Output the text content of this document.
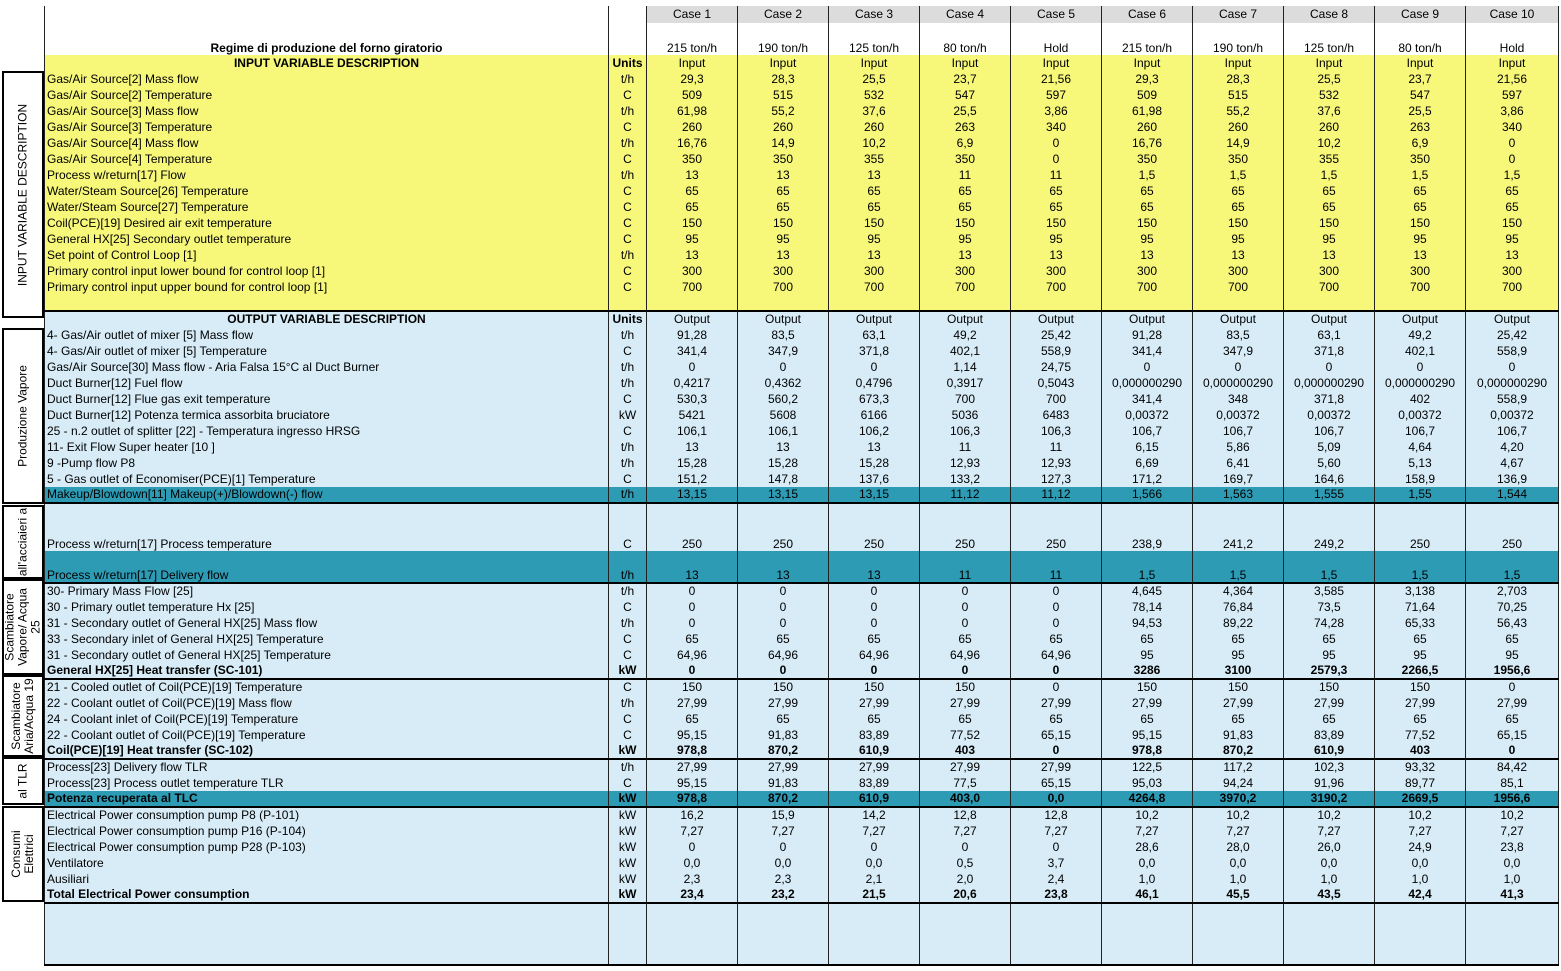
INPUT VARIABLE DESCRIPTION
Produzione Vapore
all'acciaieri a
Scambiatore Vapore/ Acqua 25
Scambiatore Aria/Acqua 19
al TLR
Consumi Elettrici
		Case 1	Case 2	Case 3	Case 4	Case 5	Case 6	Case 7	Case 8	Case 9	Case 10
Regime di produzione del forno giratorio		215 ton/h	190 ton/h	125 ton/h	80 ton/h	Hold	215 ton/h	190 ton/h	125 ton/h	80 ton/h	Hold
INPUT VARIABLE DESCRIPTION	Units	Input	Input	Input	Input	Input	Input	Input	Input	Input	Input
Gas/Air Source[2] Mass flow	t/h	29,3	28,3	25,5	23,7	21,56	29,3	28,3	25,5	23,7	21,56
Gas/Air Source[2] Temperature	C	509	515	532	547	597	509	515	532	547	597
Gas/Air Source[3] Mass flow	t/h	61,98	55,2	37,6	25,5	3,86	61,98	55,2	37,6	25,5	3,86
Gas/Air Source[3] Temperature	C	260	260	260	263	340	260	260	260	263	340
Gas/Air Source[4] Mass flow	t/h	16,76	14,9	10,2	6,9	0	16,76	14,9	10,2	6,9	0
Gas/Air Source[4] Temperature	C	350	350	355	350	0	350	350	355	350	0
Process w/return[17] Flow	t/h	13	13	13	11	11	1,5	1,5	1,5	1,5	1,5
Water/Steam Source[26] Temperature	C	65	65	65	65	65	65	65	65	65	65
Water/Steam Source[27] Temperature	C	65	65	65	65	65	65	65	65	65	65
Coil(PCE)[19] Desired air exit temperature	C	150	150	150	150	150	150	150	150	150	150
General HX[25] Secondary outlet temperature	C	95	95	95	95	95	95	95	95	95	95
Set point of Control Loop [1]	t/h	13	13	13	13	13	13	13	13	13	13
Primary control input lower bound for control loop [1]	C	300	300	300	300	300	300	300	300	300	300
Primary control input upper bound for control loop [1]	C	700	700	700	700	700	700	700	700	700	700

OUTPUT VARIABLE DESCRIPTION	Units	Output	Output	Output	Output	Output	Output	Output	Output	Output	Output
4- Gas/Air outlet of mixer [5] Mass flow	t/h	91,28	83,5	63,1	49,2	25,42	91,28	83,5	63,1	49,2	25,42
4- Gas/Air outlet of mixer [5] Temperature	C	341,4	347,9	371,8	402,1	558,9	341,4	347,9	371,8	402,1	558,9
Gas/Air Source[30] Mass flow - Aria Falsa 15°C al Duct Burner	t/h	0	0	0	1,14	24,75	0	0	0	0	0
Duct Burner[12] Fuel flow	t/h	0,4217	0,4362	0,4796	0,3917	0,5043	0,000000290	0,000000290	0,000000290	0,000000290	0,000000290
Duct Burner[12] Flue gas exit temperature	C	530,3	560,2	673,3	700	700	341,4	348	371,8	402	558,9
Duct Burner[12] Potenza termica assorbita bruciatore	kW	5421	5608	6166	5036	6483	0,00372	0,00372	0,00372	0,00372	0,00372
25 - n.2 outlet of splitter [22] - Temperatura ingresso HRSG	C	106,1	106,1	106,2	106,3	106,3	106,7	106,7	106,7	106,7	106,7
11- Exit Flow Super heater [10 ]	t/h	13	13	13	11	11	6,15	5,86	5,09	4,64	4,20
9 -Pump flow P8	t/h	15,28	15,28	15,28	12,93	12,93	6,69	6,41	5,60	5,13	4,67
5 - Gas outlet of Economiser(PCE)[1] Temperature	C	151,2	147,8	137,6	133,2	127,3	171,2	169,7	164,6	158,9	136,9
Makeup/Blowdown[11] Makeup(+)/Blowdown(-) flow	t/h	13,15	13,15	13,15	11,12	11,12	1,566	1,563	1,555	1,55	1,544

Process w/return[17] Process temperature	C	250	250	250	250	250	238,9	241,2	249,2	250	250
Process w/return[17] Delivery flow	t/h	13	13	13	11	11	1,5	1,5	1,5	1,5	1,5
30- Primary Mass Flow [25]	t/h	0	0	0	0	0	4,645	4,364	3,585	3,138	2,703
30 - Primary outlet temperature Hx [25]	C	0	0	0	0	0	78,14	76,84	73,5	71,64	70,25
31 - Secondary outlet of General HX[25] Mass flow	t/h	0	0	0	0	0	94,53	89,22	74,28	65,33	56,43
33 - Secondary inlet of General HX[25] Temperature	C	65	65	65	65	65	65	65	65	65	65
31 - Secondary outlet of General HX[25] Temperature	C	64,96	64,96	64,96	64,96	64,96	95	95	95	95	95
General HX[25] Heat transfer (SC-101)	kW	0	0	0	0	0	3286	3100	2579,3	2266,5	1956,6
21 - Cooled outlet of Coil(PCE)[19] Temperature	C	150	150	150	150	0	150	150	150	150	0
22 - Coolant outlet of Coil(PCE)[19] Mass flow	t/h	27,99	27,99	27,99	27,99	27,99	27,99	27,99	27,99	27,99	27,99
24 - Coolant inlet of Coil(PCE)[19] Temperature	C	65	65	65	65	65	65	65	65	65	65
22 - Coolant outlet of Coil(PCE)[19] Temperature	C	95,15	91,83	83,89	77,52	65,15	95,15	91,83	83,89	77,52	65,15
Coil(PCE)[19] Heat transfer (SC-102)	kW	978,8	870,2	610,9	403	0	978,8	870,2	610,9	403	0
Process[23] Delivery flow TLR	t/h	27,99	27,99	27,99	27,99	27,99	122,5	117,2	102,3	93,32	84,42
Process[23] Process outlet temperature TLR	C	95,15	91,83	83,89	77,5	65,15	95,03	94,24	91,96	89,77	85,1
Potenza recuperata al TLC	kW	978,8	870,2	610,9	403,0	0,0	4264,8	3970,2	3190,2	2669,5	1956,6
Electrical Power consumption pump P8 (P-101)	kW	16,2	15,9	14,2	12,8	12,8	10,2	10,2	10,2	10,2	10,2
Electrical Power consumption pump P16 (P-104)	kW	7,27	7,27	7,27	7,27	7,27	7,27	7,27	7,27	7,27	7,27
Electrical Power consumption pump P28 (P-103)	kW	0	0	0	0	0	28,6	28,0	26,0	24,9	23,8
Ventilatore	kW	0,0	0,0	0,0	0,5	3,7	0,0	0,0	0,0	0,0	0,0
Ausiliari	kW	2,3	2,3	2,1	2,0	2,4	1,0	1,0	1,0	1,0	1,0
Total Electrical Power consumption	kW	23,4	23,2	21,5	20,6	23,8	46,1	45,5	43,5	42,4	41,3
